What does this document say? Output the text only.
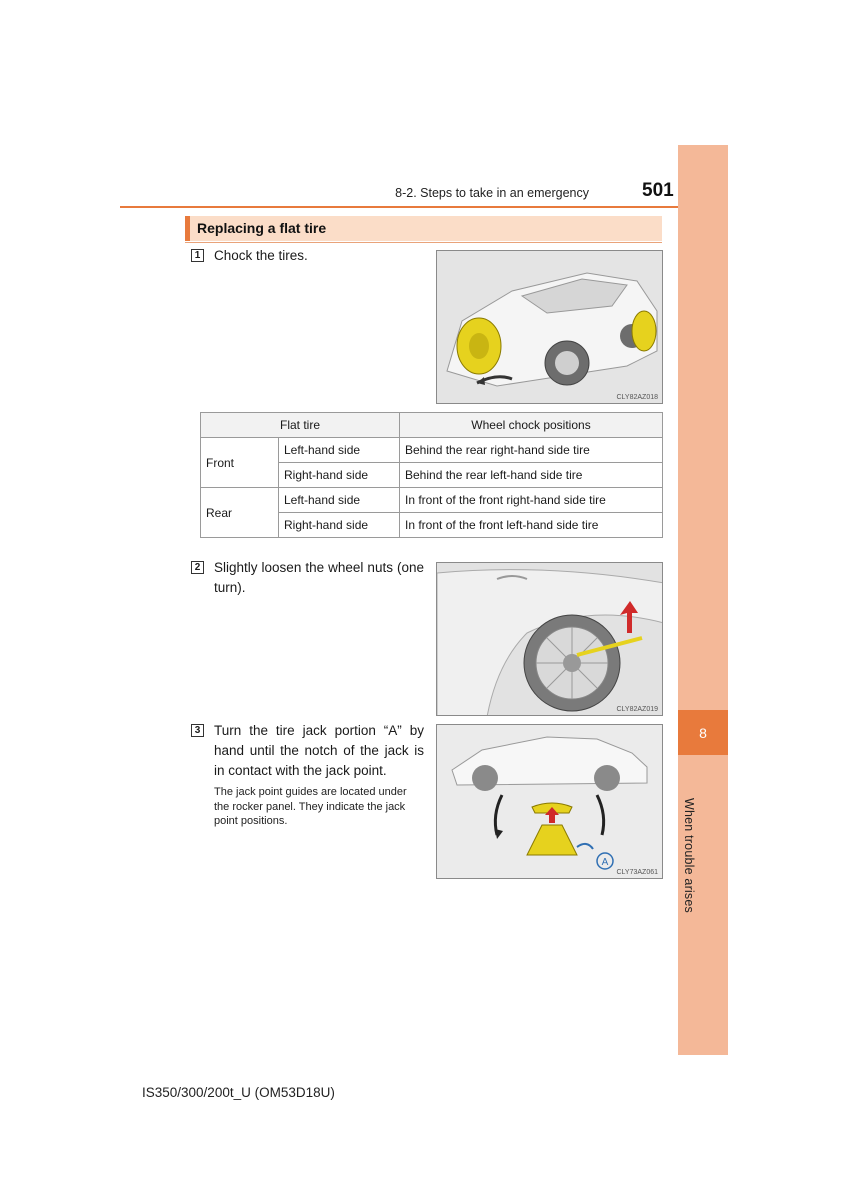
8
When trouble arises
8-2. Steps to take in an emergency	501
Replacing a flat tire
1 Chock the tires.
CLY82AZ018
Flat tire		Wheel chock positions
Front	Left-hand side	Behind the rear right-hand side tire
	Right-hand side	Behind the rear left-hand side tire
Rear	Left-hand side	In front of the front right-hand side tire
	Right-hand side	In front of the front left-hand side tire
2 Slightly loosen the wheel nuts (one turn).
CLY82AZ019
3 Turn the tire jack portion “A” by hand until the notch of the jack is in contact with the jack point.
The jack point guides are located under the rocker panel. They indicate the jack point positions.
A
CLY73AZ061
IS350/300/200t_U (OM53D18U)
